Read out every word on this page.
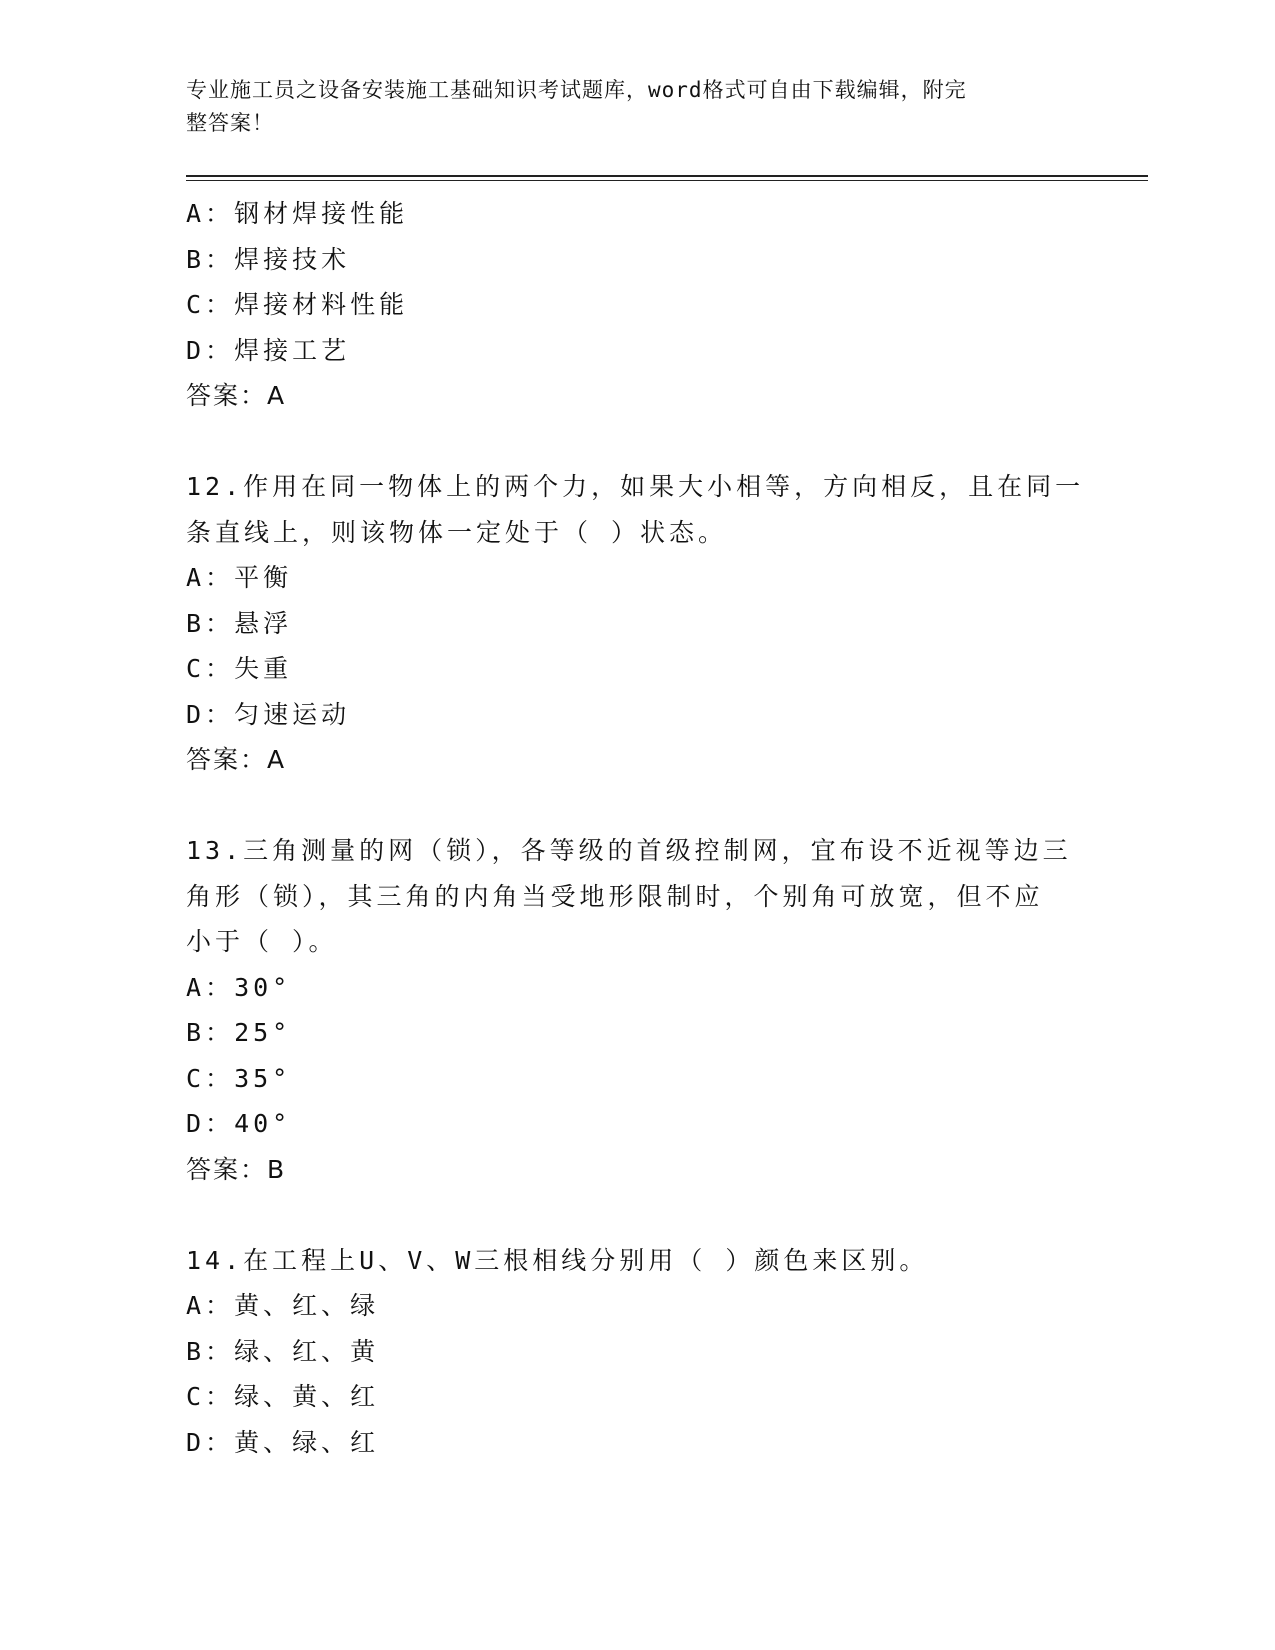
专业施工员之设备安装施工基础知识考试题库，word格式可自由下载编辑，附完
整答案！
A：钢材焊接性能
B：焊接技术
C：焊接材料性能
D：焊接工艺
答案：A
12.作用在同一物体上的两个力，如果大小相等，方向相反，且在同一
条直线上，则该物体一定处于（ ）状态。
A：平衡
B：悬浮
C：失重
D：匀速运动
答案：A
13.三角测量的网（锁），各等级的首级控制网，宜布设不近视等边三
角形（锁），其三角的内角当受地形限制时，个别角可放宽，但不应
小于（ ）。
A：30°
B：25°
C：35°
D：40°
答案：B
14.在工程上U、V、W三根相线分别用（ ）颜色来区别。
A：黄、红、绿
B：绿、红、黄
C：绿、黄、红
D：黄、绿、红
